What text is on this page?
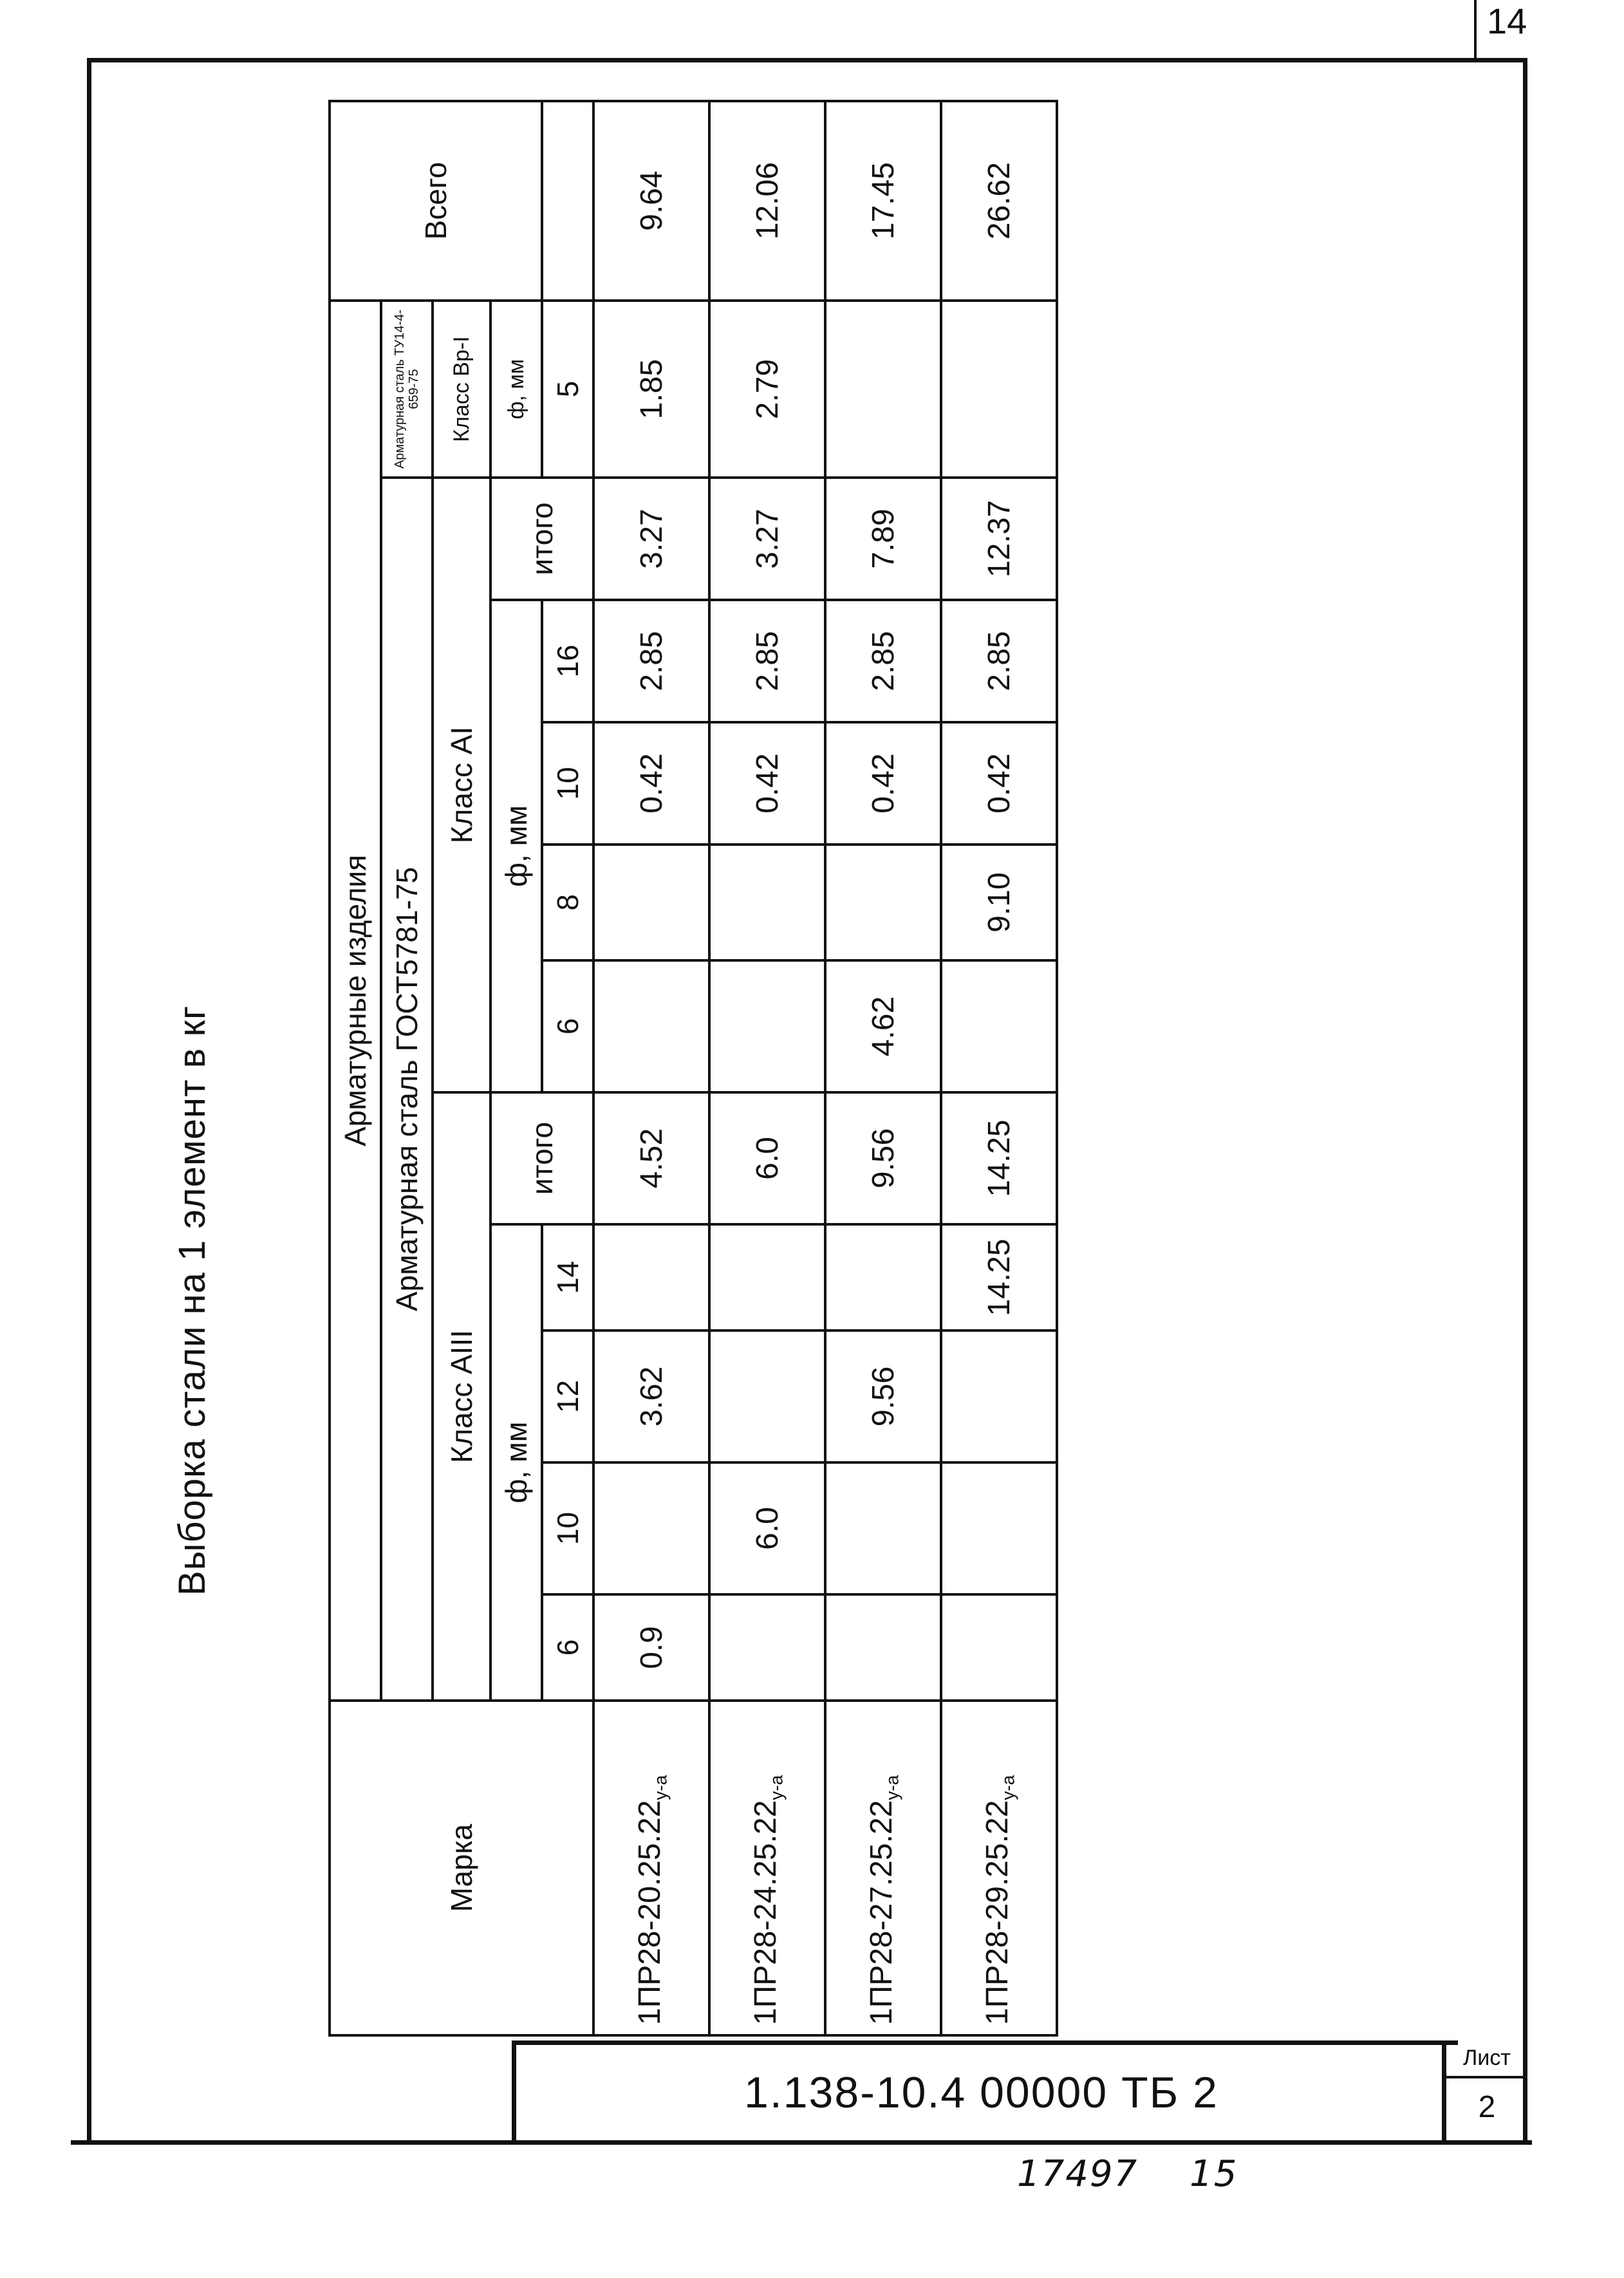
14
Выборка стали на 1 элемент в кг
Марка	Арматурные изделия											Всего
	Арматурная сталь ГОСТ5781-75										Арматурная сталь ТУ14-4-659-75	
	Класс АIII					Класс АI					Класс Вр-I	
	ф, мм				итого	ф, мм				итого	ф, мм	
	6	10	12	14		6	8	10	16		5	
$1ПР28-20.25.22_{у-а}$	0.9		3.62		4.52			0.42	2.85	3.27	1.85	9.64
$1ПР28-24.25.22_{у-а}$		6.0			6.0			0.42	2.85	3.27	2.79	12.06
$1ПР28-27.25.22_{у-а}$			9.56		9.56	4.62		0.42	2.85	7.89		17.45
$1ПР28-29.25.22_{у-а}$				14.25	14.25		9.10	0.42	2.85	12.37		26.62
1.138-10.4 00000 ТБ 2
Лист
2
17497 15
